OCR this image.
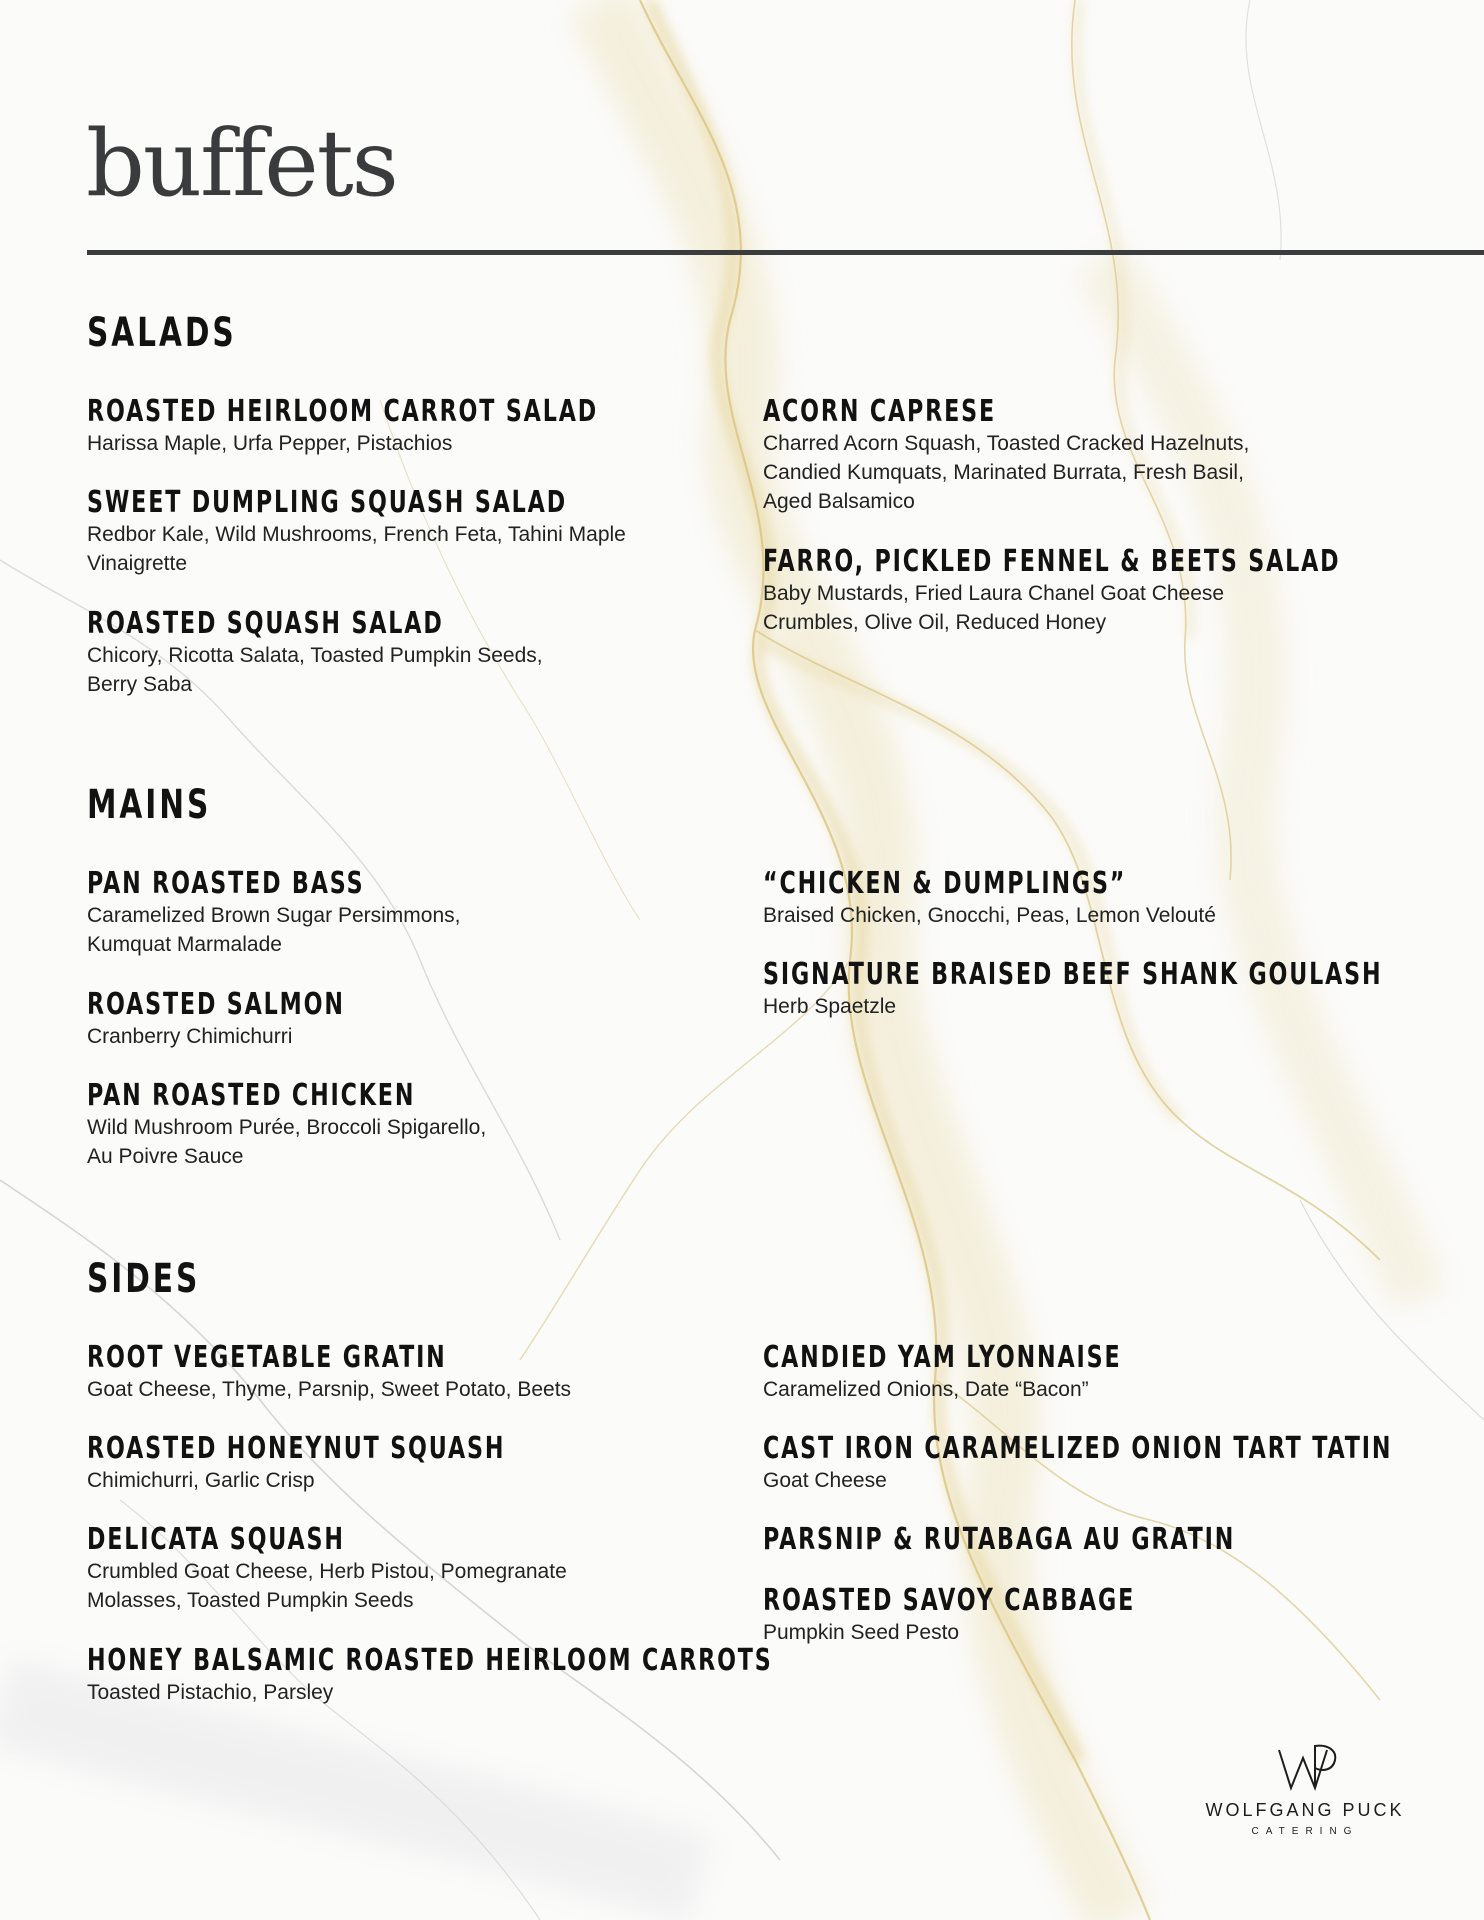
buffets
SALADS
ROASTED HEIRLOOM CARROT SALAD
Harissa Maple, Urfa Pepper, Pistachios
SWEET DUMPLING SQUASH SALAD
Redbor Kale, Wild Mushrooms, French Feta, Tahini Maple
Vinaigrette
ROASTED SQUASH SALAD
Chicory, Ricotta Salata, Toasted Pumpkin Seeds,
Berry Saba
ACORN CAPRESE
Charred Acorn Squash, Toasted Cracked Hazelnuts,
Candied Kumquats, Marinated Burrata, Fresh Basil,
Aged Balsamico
FARRO, PICKLED FENNEL & BEETS SALAD
Baby Mustards, Fried Laura Chanel Goat Cheese
Crumbles, Olive Oil, Reduced Honey
MAINS
PAN ROASTED BASS
Caramelized Brown Sugar Persimmons,
Kumquat Marmalade
ROASTED SALMON
Cranberry Chimichurri
PAN ROASTED CHICKEN
Wild Mushroom Purée, Broccoli Spigarello,
Au Poivre Sauce
“CHICKEN & DUMPLINGS”
Braised Chicken, Gnocchi, Peas, Lemon Velouté
SIGNATURE BRAISED BEEF SHANK GOULASH
Herb Spaetzle
SIDES
ROOT VEGETABLE GRATIN
Goat Cheese, Thyme, Parsnip, Sweet Potato, Beets
ROASTED HONEYNUT SQUASH
Chimichurri, Garlic Crisp
DELICATA SQUASH
Crumbled Goat Cheese, Herb Pistou, Pomegranate
Molasses, Toasted Pumpkin Seeds
HONEY BALSAMIC ROASTED HEIRLOOM CARROTS
Toasted Pistachio, Parsley
CANDIED YAM LYONNAISE
Caramelized Onions, Date “Bacon”
CAST IRON CARAMELIZED ONION TART TATIN
Goat Cheese
PARSNIP & RUTABAGA AU GRATIN
ROASTED SAVOY CABBAGE
Pumpkin Seed Pesto
WOLFGANG PUCK
CATERING
